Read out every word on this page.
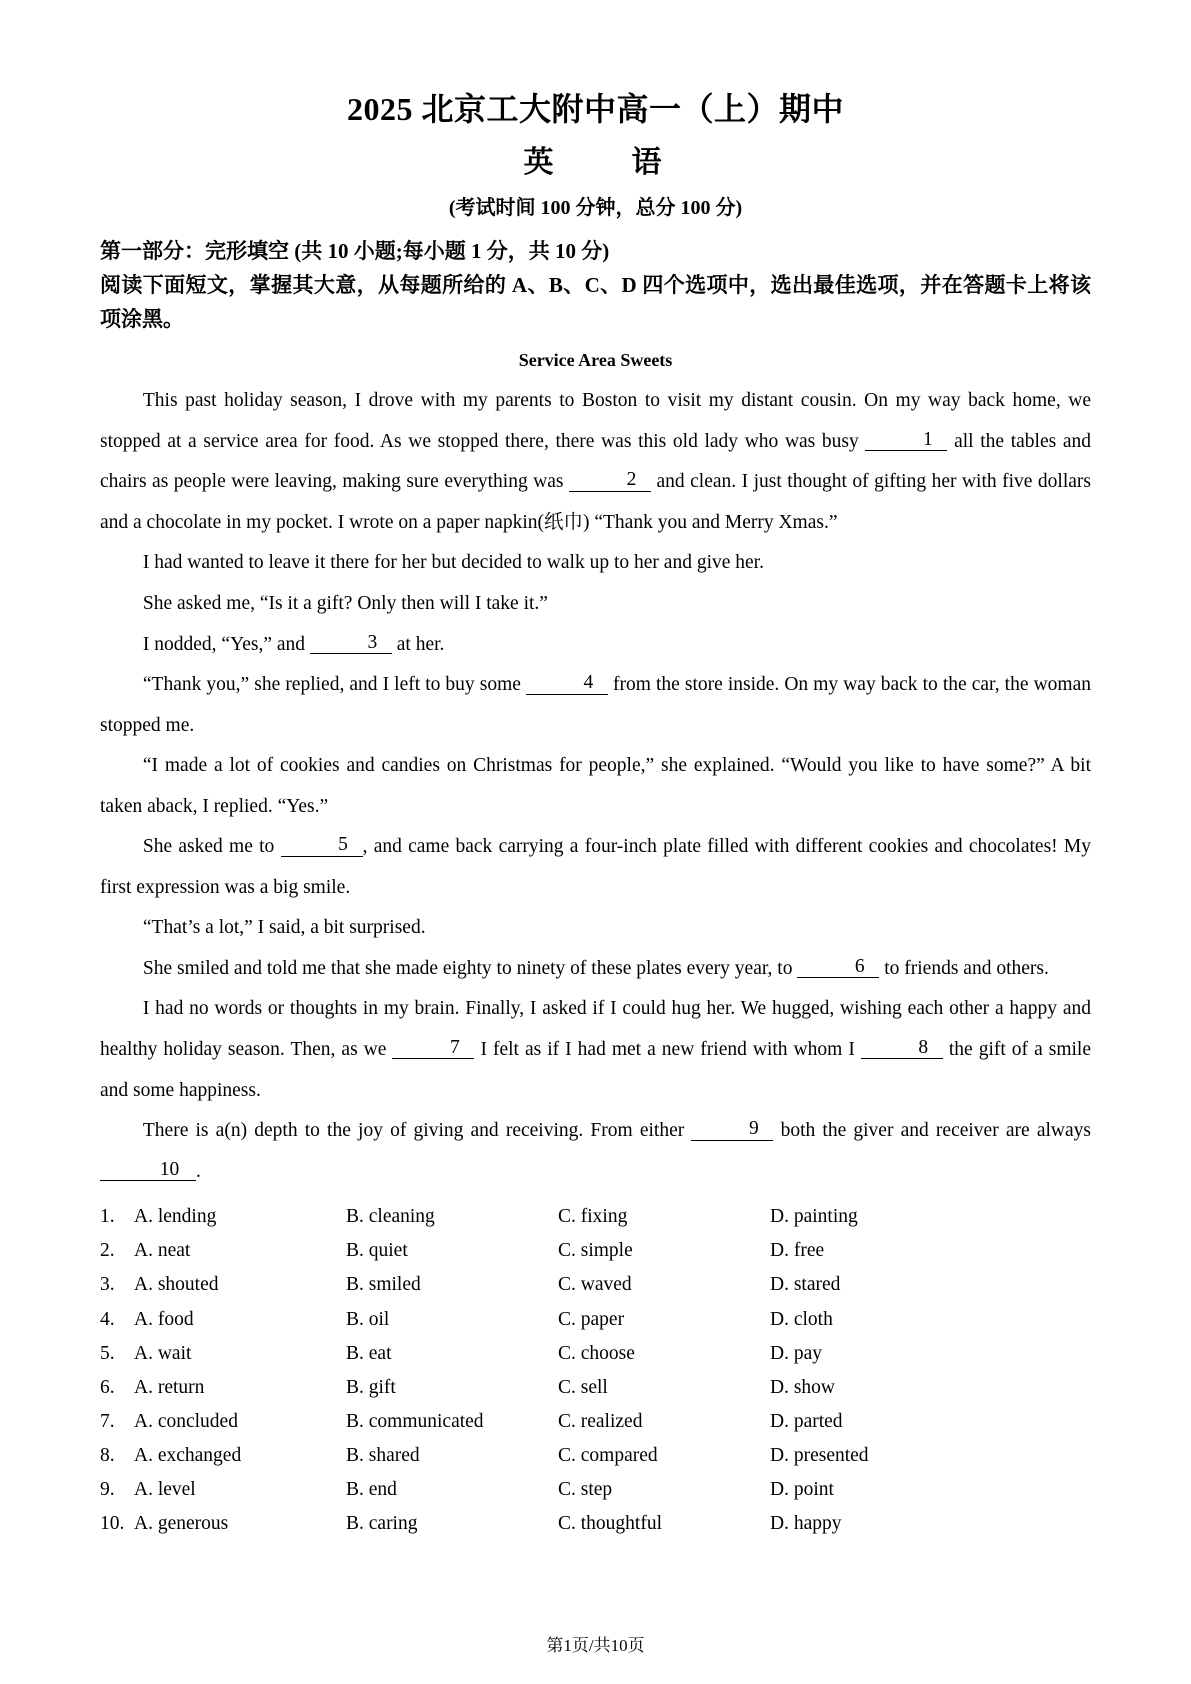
2025 北京工大附中高一（上）期中
英　　语
(考试时间 100 分钟，总分 100 分)
第一部分：完形填空 (共 10 小题;每小题 1 分，共 10 分)
阅读下面短文，掌握其大意，从每题所给的 A、B、C、D 四个选项中，选出最佳选项，并在答题卡上将该项涂黑。
Service Area Sweets
This past holiday season, I drove with my parents to Boston to visit my distant cousin. On my way back home, we stopped at a service area for food. As we stopped there, there was this old lady who was busy	1 all the tables and chairs as people were leaving, making sure everything was	2 and clean. I just thought of gifting her with five dollars and a chocolate in my pocket. I wrote on a paper napkin(纸巾) “Thank you and Merry Xmas.”
I had wanted to leave it there for her but decided to walk up to her and give her.
She asked me, “Is it a gift? Only then will I take it.”
I nodded, “Yes,” and	3 at her.
“Thank you,” she replied, and I left to buy some	4 from the store inside. On my way back to the car, the woman stopped me.
“I made a lot of cookies and candies on Christmas for people,” she explained. “Would you like to have some?” A bit taken aback, I replied. “Yes.”
She asked me to	5 , and came back carrying a four-inch plate filled with different cookies and chocolates! My first expression was a big smile.
“That’s a lot,” I said, a bit surprised.
She smiled and told me that she made eighty to ninety of these plates every year, to	6 to friends and others.
I had no words or thoughts in my brain. Finally, I asked if I could hug her. We hugged, wishing each other a happy and healthy holiday season. Then, as we	7 I felt as if I had met a new friend with whom I	8 the gift of a smile and some happiness.
There is a(n) depth to the joy of giving and receiving. From either	9 both the giver and receiver are always 10 .
1. A. lending	B. cleaning	C. fixing	D. painting
2. A. neat	B. quiet	C. simple	D. free
3. A. shouted	B. smiled	C. waved	D. stared
4. A. food	B. oil	C. paper	D. cloth
5. A. wait	B. eat	C. choose	D. pay
6. A. return	B. gift	C. sell	D. show
7. A. concluded	B. communicated	C. realized	D. parted
8. A. exchanged	B. shared	C. compared	D. presented
9. A. level	B. end	C. step	D. point
10. A. generous	B. caring	C. thoughtful	D. happy
第1页/共10页
